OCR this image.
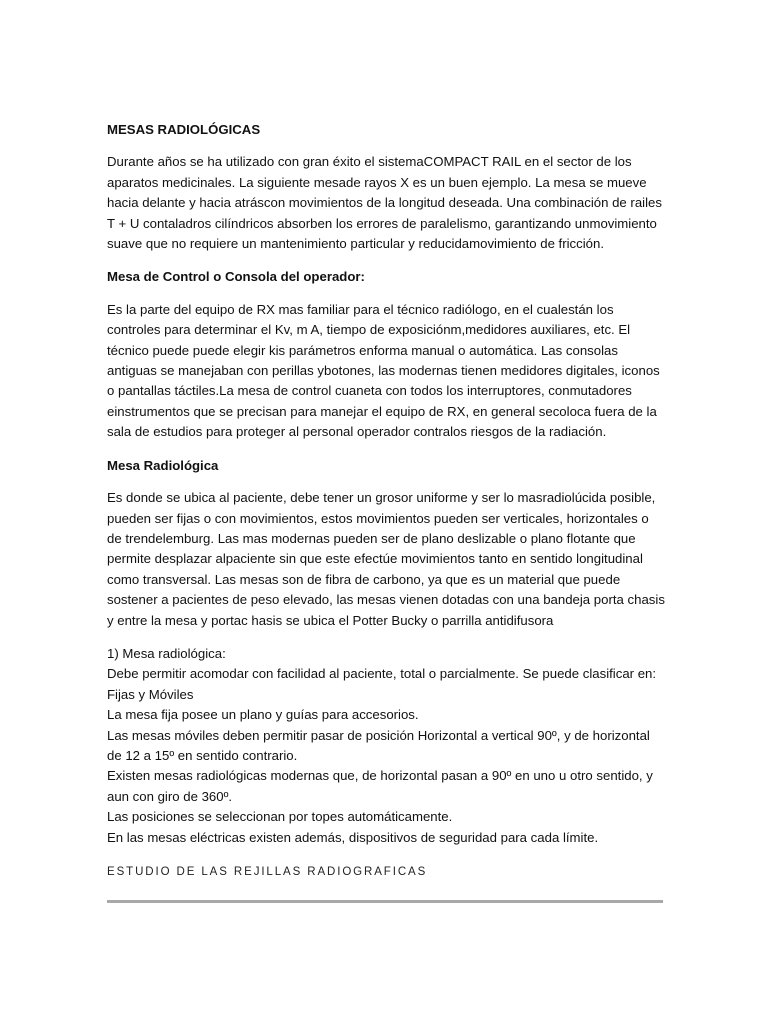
MESAS RADIOLÓGICAS

Durante años se ha utilizado con gran éxito el sistemaCOMPACT RAIL en el sector de los aparatos medicinales. La siguiente mesade rayos X es un buen ejemplo. La mesa se mueve hacia delante y hacia atráscon movimientos de la longitud deseada. Una combinación de railes T + U contaladros cilíndricos absorben los errores de paralelismo, garantizando unmovimiento suave que no requiere un mantenimiento particular y reducidamovimiento de fricción.

Mesa de Control o Consola del operador:

Es la parte del equipo de RX mas familiar para el técnico radiólogo, en el cualestán los controles para determinar el Kv, m A, tiempo de exposiciónm,medidores auxiliares, etc. El técnico puede puede elegir kis parámetros enforma manual o automática. Las consolas antiguas se manejaban con perillas ybotones, las modernas tienen medidores digitales, iconos o pantallas táctiles.La mesa de control cuaneta con todos los interruptores, conmutadores einstrumentos que se precisan para manejar el equipo de RX, en general secoloca fuera de la sala de estudios para proteger al personal operador contralos riesgos de la radiación.

Mesa Radiológica

Es donde se ubica al paciente, debe tener un grosor uniforme y ser lo masradiolúcida posible, pueden ser fijas o con movimientos, estos movimientos pueden ser verticales, horizontales o de trendelemburg. Las mas modernas pueden ser de plano deslizable o plano flotante que permite desplazar alpaciente sin que este efectúe movimientos tanto en sentido longitudinal como transversal. Las mesas son de fibra de carbono, ya que es un material que puede sostener a pacientes de peso elevado, las mesas vienen dotadas con una bandeja porta chasis y entre la mesa y portac hasis se ubica el Potter Bucky o parrilla antidifusora

1) Mesa radiológica:
Debe permitir acomodar con facilidad al paciente, total o parcialmente. Se puede clasificar en:
Fijas y Móviles
La mesa fija posee un plano y guías para accesorios.
Las mesas móviles deben permitir pasar de posición Horizontal a vertical 90º, y de horizontal de 12 a 15º en sentido contrario.
Existen mesas radiológicas modernas que, de horizontal pasan a 90º en uno u otro sentido, y aun con giro de 360º.
Las posiciones se seleccionan por topes automáticamente.
En las mesas eléctricas existen además, dispositivos de seguridad para cada límite.
ESTUDIO DE LAS REJILLAS RADIOGRAFICAS
